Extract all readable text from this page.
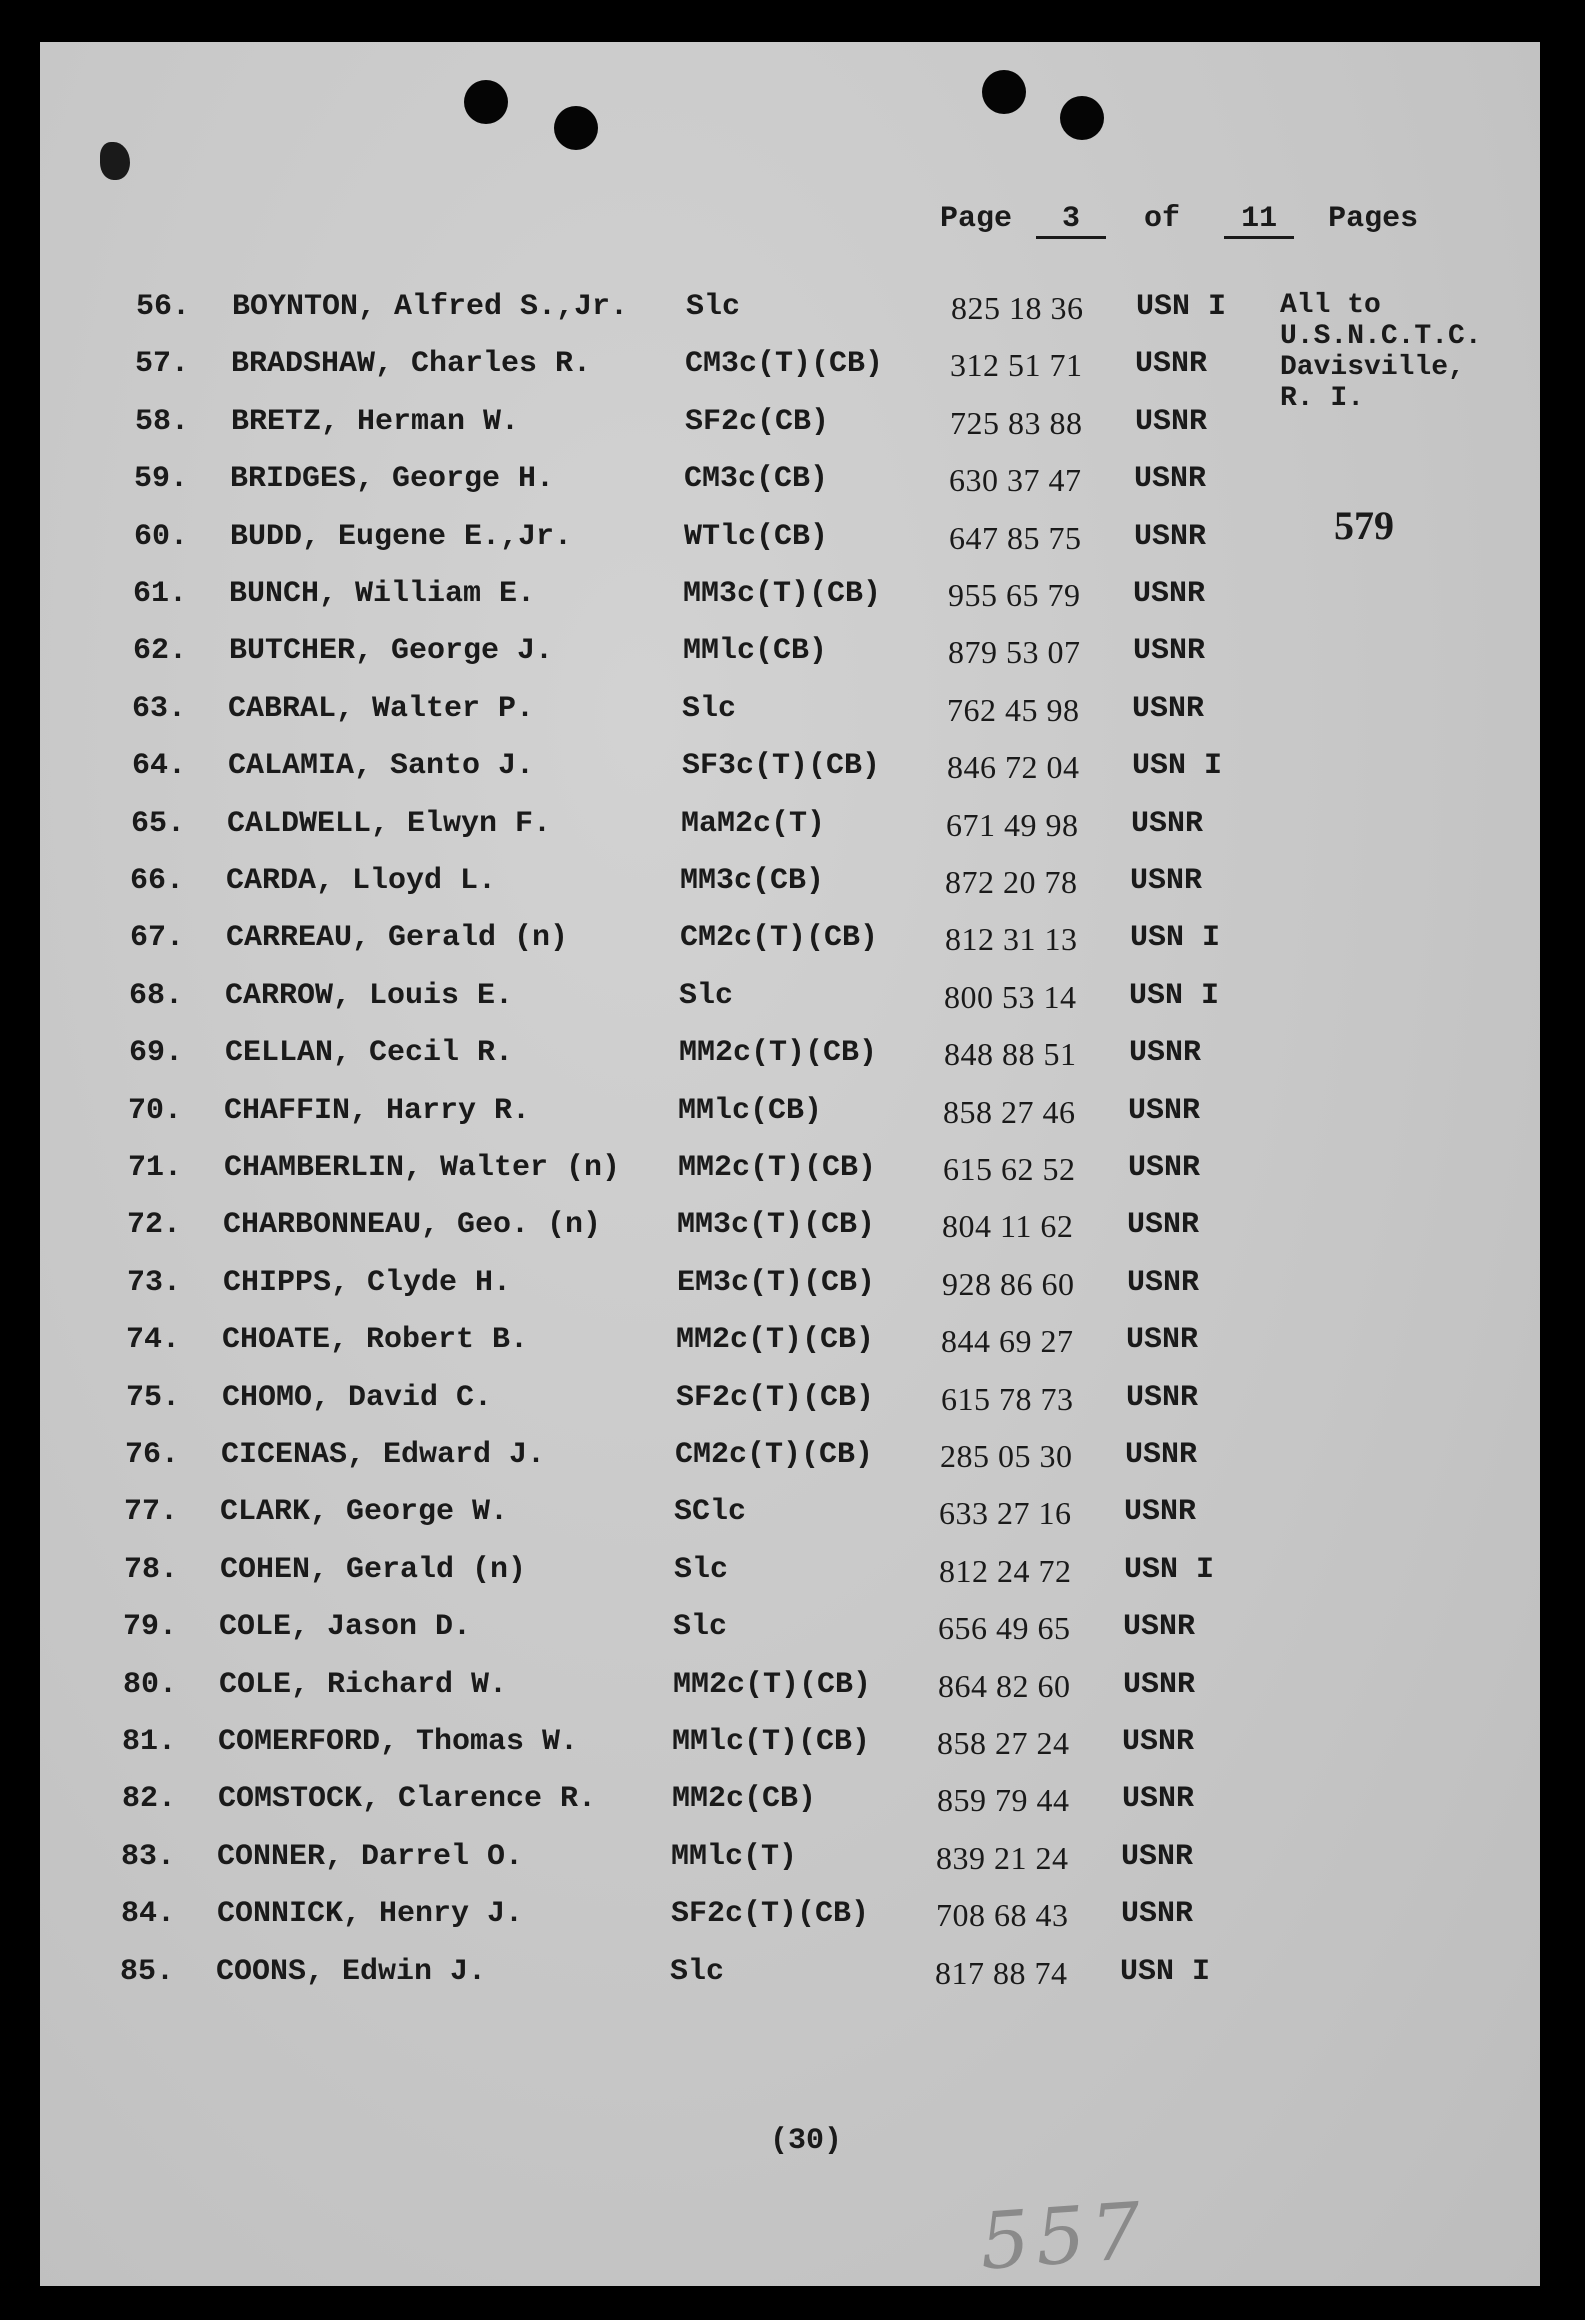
Page 3 of 11 Pages
56. BOYNTON, Alfred S.,Jr. Slc	825 18 36 USN I
57. BRADSHAW, Charles R.	CM3c(T)(CB) 312 51 71 USNR
58. BRETZ, Herman W.	SF2c(CB)	725 83 88 USNR
59. BRIDGES, George H.	CM3c(CB)	630 37 47 USNR
60. BUDD, Eugene E.,Jr.	WTlc(CB)	647 85 75 USNR
61. BUNCH, William E.	MM3c(T)(CB) 955 65 79 USNR
62. BUTCHER, George J.	MMlc(CB)	879 53 07 USNR
63. CABRAL, Walter P.	Slc	762 45 98 USNR
64. CALAMIA, Santo J.	SF3c(T)(CB) 846 72 04 USN I
65. CALDWELL, Elwyn F.	MaM2c(T)	671 49 98 USNR
66. CARDA, Lloyd L.	MM3c(CB)	872 20 78 USNR
67. CARREAU, Gerald (n)	CM2c(T)(CB) 812 31 13 USN I
68. CARROW, Louis E.	Slc	800 53 14 USN I
69. CELLAN, Cecil R.	MM2c(T)(CB) 848 88 51 USNR
70. CHAFFIN, Harry R.	MMlc(CB)	858 27 46 USNR
71. CHAMBERLIN, Walter (n) MM2c(T)(CB) 615 62 52 USNR
72. CHARBONNEAU, Geo. (n)	MM3c(T)(CB) 804 11 62 USNR
73. CHIPPS, Clyde H.	EM3c(T)(CB) 928 86 60 USNR
74. CHOATE, Robert B.	MM2c(T)(CB) 844 69 27 USNR
75. CHOMO, David C.	SF2c(T)(CB) 615 78 73 USNR
76. CICENAS, Edward J.	CM2c(T)(CB) 285 05 30 USNR
77. CLARK, George W.	SClc	633 27 16 USNR
78. COHEN, Gerald (n)	Slc	812 24 72 USN I
79. COLE, Jason D.	Slc	656 49 65 USNR
80. COLE, Richard W.	MM2c(T)(CB) 864 82 60 USNR
81. COMERFORD, Thomas W.	MMlc(T)(CB) 858 27 24 USNR
82. COMSTOCK, Clarence R.	MM2c(CB)	859 79 44 USNR
83. CONNER, Darrel O.	MMlc(T)	839 21 24 USNR
84. CONNICK, Henry J.	SF2c(T)(CB) 708 68 43 USNR
85. COONS, Edwin J.	Slc	817 88 74 USN I
All to
U.S.N.C.T.C.
Davisville,
R. I.
579
(30)
557
